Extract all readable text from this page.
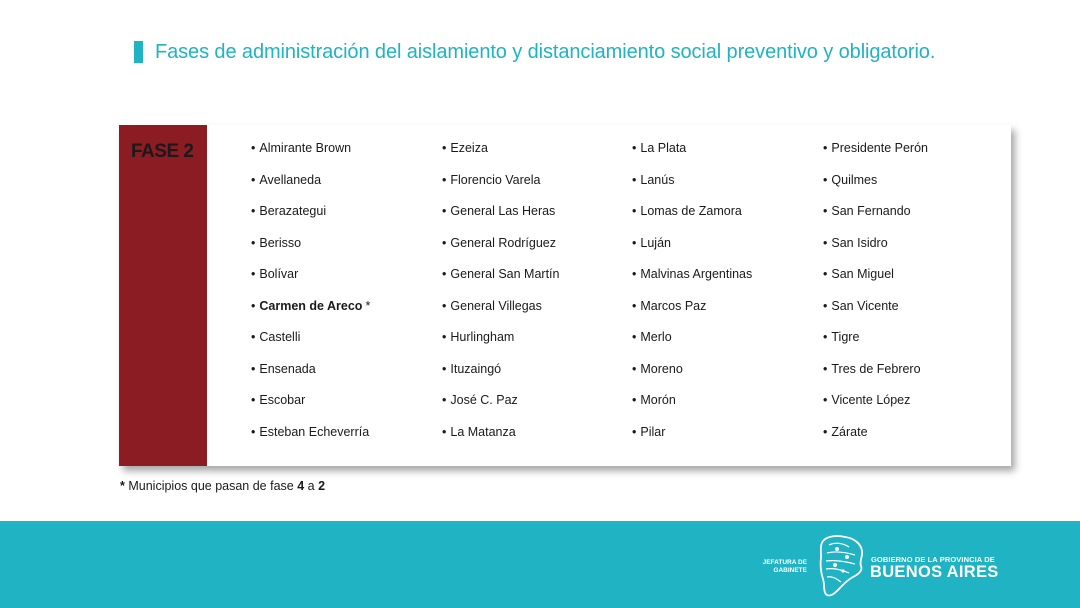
Fases de administración del aislamiento y distanciamiento social preventivo y obligatorio.
FASE 2	• Almirante Brown
• Avellaneda
• Berazategui
• Berisso
• Bolívar
• Carmen de Areco *
• Castelli
• Ensenada
• Escobar
• Esteban Echeverría
• Ezeiza
• Florencio Varela
• General Las Heras
• General Rodríguez
• General San Martín
• General Villegas
• Hurlingham
• Ituzaingó
• José C. Paz
• La Matanza
• La Plata
• Lanús
• Lomas de Zamora
• Luján
• Malvinas Argentinas
• Marcos Paz
• Merlo
• Moreno
• Morón
• Pilar
• Presidente Perón
• Quilmes
• San Fernando
• San Isidro
• San Miguel
• San Vicente
• Tigre
• Tres de Febrero
• Vicente López
• Zárate
* Municipios que pasan de fase 4 a 2
JEFATURA DE GABINETE
GOBIERNO DE LA PROVINCIA DE
BUENOS AIRES
